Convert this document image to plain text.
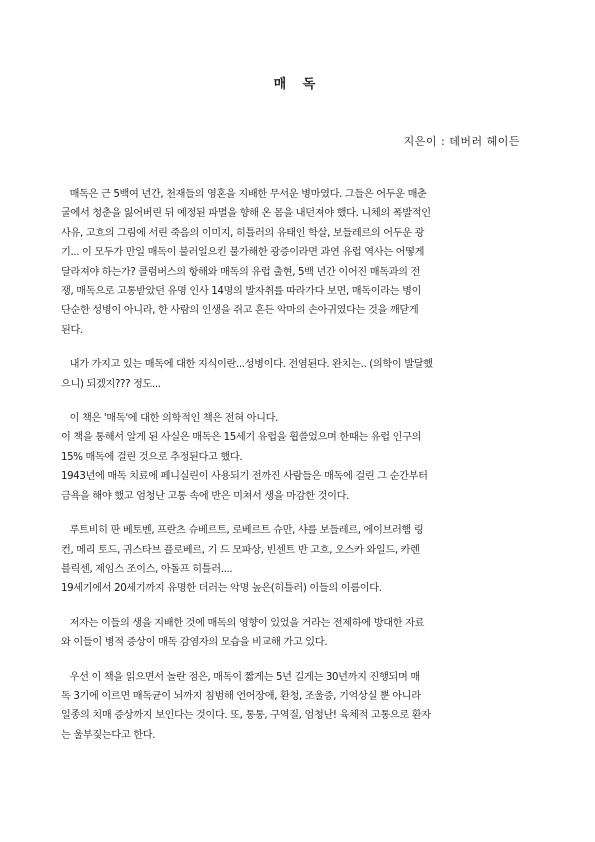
매 독
지은이 : 데버러 헤이든

매독은 근 5백여 년간, 천재들의 영혼을 지배한 무서운 병마였다. 그들은 어두운 매춘
굴에서 청춘을 잃어버린 뒤 예정된 파멸을 향해 온 몸을 내던져야 했다. 니체의 폭발적인
사유, 고흐의 그림에 서린 죽음의 이미지, 히틀러의 유태인 학살, 보들레르의 어두운 광
기... 이 모두가 만일 매독이 불러일으킨 불가해한 광증이라면 과연 유럽 역사는 어떻게
달라져야 하는가? 콜럼버스의 항해와 매독의 유럽 출현, 5백 년간 이어진 매독과의 전
쟁, 매독으로 고통받았던 유명 인사 14명의 발자취를 따라가다 보면, 매독이라는 병이
단순한 성병이 아니라, 한 사람의 인생을 쥐고 흔든 악마의 손아귀였다는 것을 깨닫게
된다.

내가 가지고 있는 매독에 대한 지식이란...성병이다. 전염된다. 완치는.. (의학이 발달했
으니) 되겠지??? 정도...

이 책은 '매독'에 대한 의학적인 책은 전혀 아니다.
이 책을 통해서 알게 된 사실은 매독은 15세기 유럽을 휩쓸었으며 한때는 유럽 인구의
15% 매독에 걸린 것으로 추정된다고 했다.
1943년에 매독 치료에 페니실린이 사용되기 전까진 사람들은 매독에 걸린 그 순간부터
금욕을 해야 했고 엄청난 고통 속에 반은 미쳐서 생을 마감한 것이다.

루트비히 판 베토벤, 프란츠 슈베르트, 로베르트 슈만, 샤를 보들레르, 에이브러햄 링
컨, 메리 토드, 귀스타브 플로베르, 기 드 모파상, 빈센트 반 고흐, 오스카 와일드, 카렌
블릭센, 제임스 조이스, 아돌프 히틀러....
19세기에서 20세기까지 유명한 더러는 악명 높은(히틀러) 이들의 이름이다.

저자는 이들의 생을 지배한 것에 매독의 영향이 있었을 거라는 전제하에 방대한 자료
와 이들이 병적 증상이 매독 감염자의 모습을 비교해 가고 있다.

우선 이 책을 읽으면서 놀란 점은, 매독이 짧게는 5년 길게는 30년까지 진행되며 매
독 3기에 이르면 매독균이 뇌까지 침범해 언어장애, 환청, 조울증, 기억상실 뿐 아니라
일종의 치매 증상까지 보인다는 것이다. 또, 통통, 구역질, 엄청난! 육체적 고통으로 환자
는 울부짖는다고 한다.
